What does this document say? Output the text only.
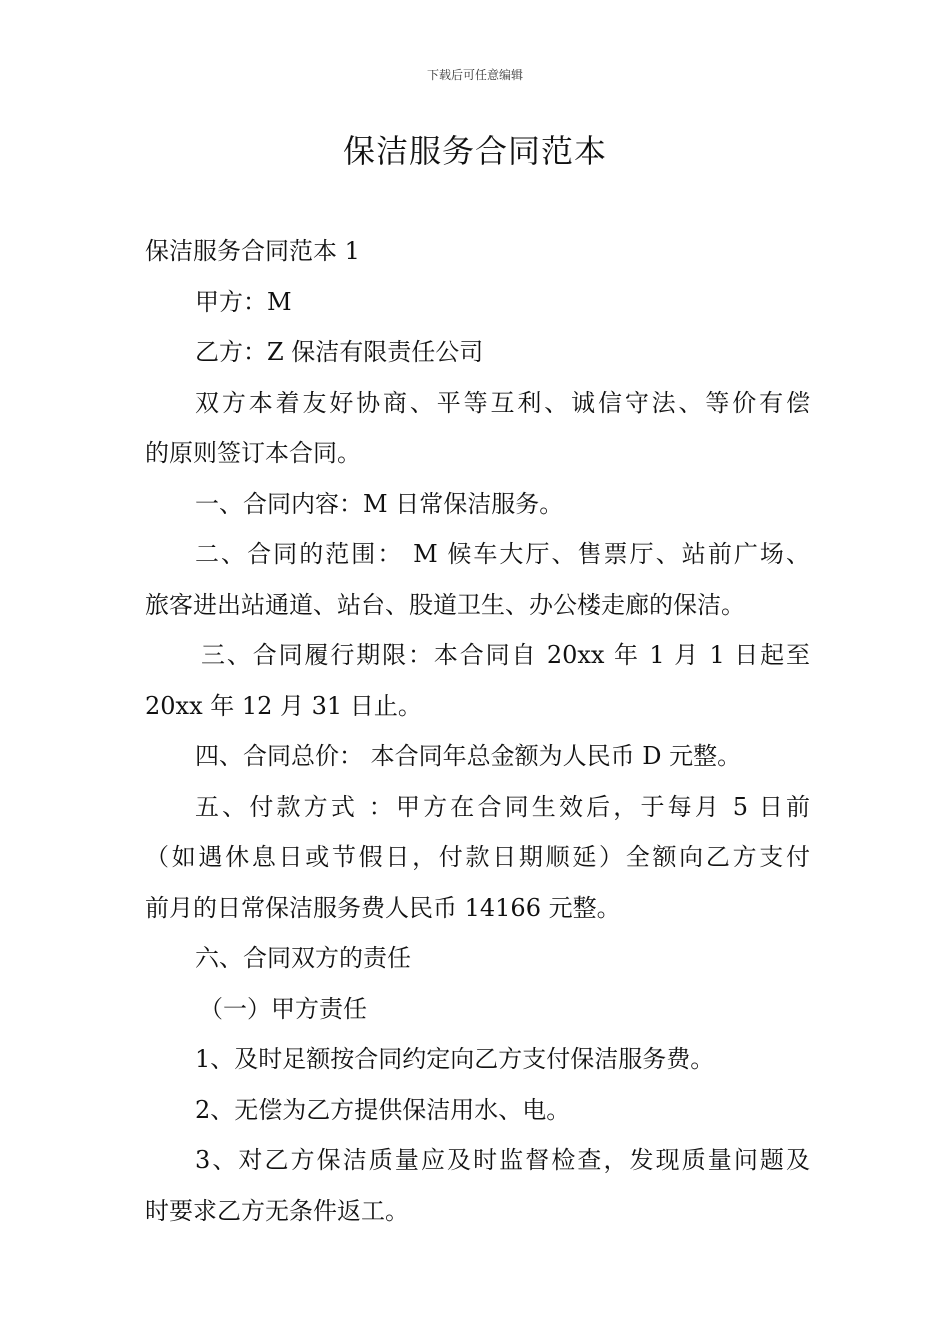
下载后可任意编辑
保洁服务合同范本

保洁服务合同范本 1

甲方：M

乙方：Z 保洁有限责任公司

双方本着友好协商、平等互利、诚信守法、等价有偿

的原则签订本合同。

一、合同内容：M 日常保洁服务。

二、合同的范围： M 候车大厅、售票厅、站前广场、

旅客进出站通道、站台、股道卫生、办公楼走廊的保洁。

三、合同履行期限：本合同自 20xx 年 1 月 1 日起至

20xx 年 12 月 31 日止。

四、合同总价： 本合同年总金额为人民币 D 元整。

五、付款方式 ：甲方在合同生效后，于每月 5 日前

（如遇休息日或节假日，付款日期顺延）全额向乙方支付

前月的日常保洁服务费人民币 14166 元整。

六、合同双方的责任

（一）甲方责任

1、及时足额按合同约定向乙方支付保洁服务费。

2、无偿为乙方提供保洁用水、电。

3、对乙方保洁质量应及时监督检查，发现质量问题及

时要求乙方无条件返工。
